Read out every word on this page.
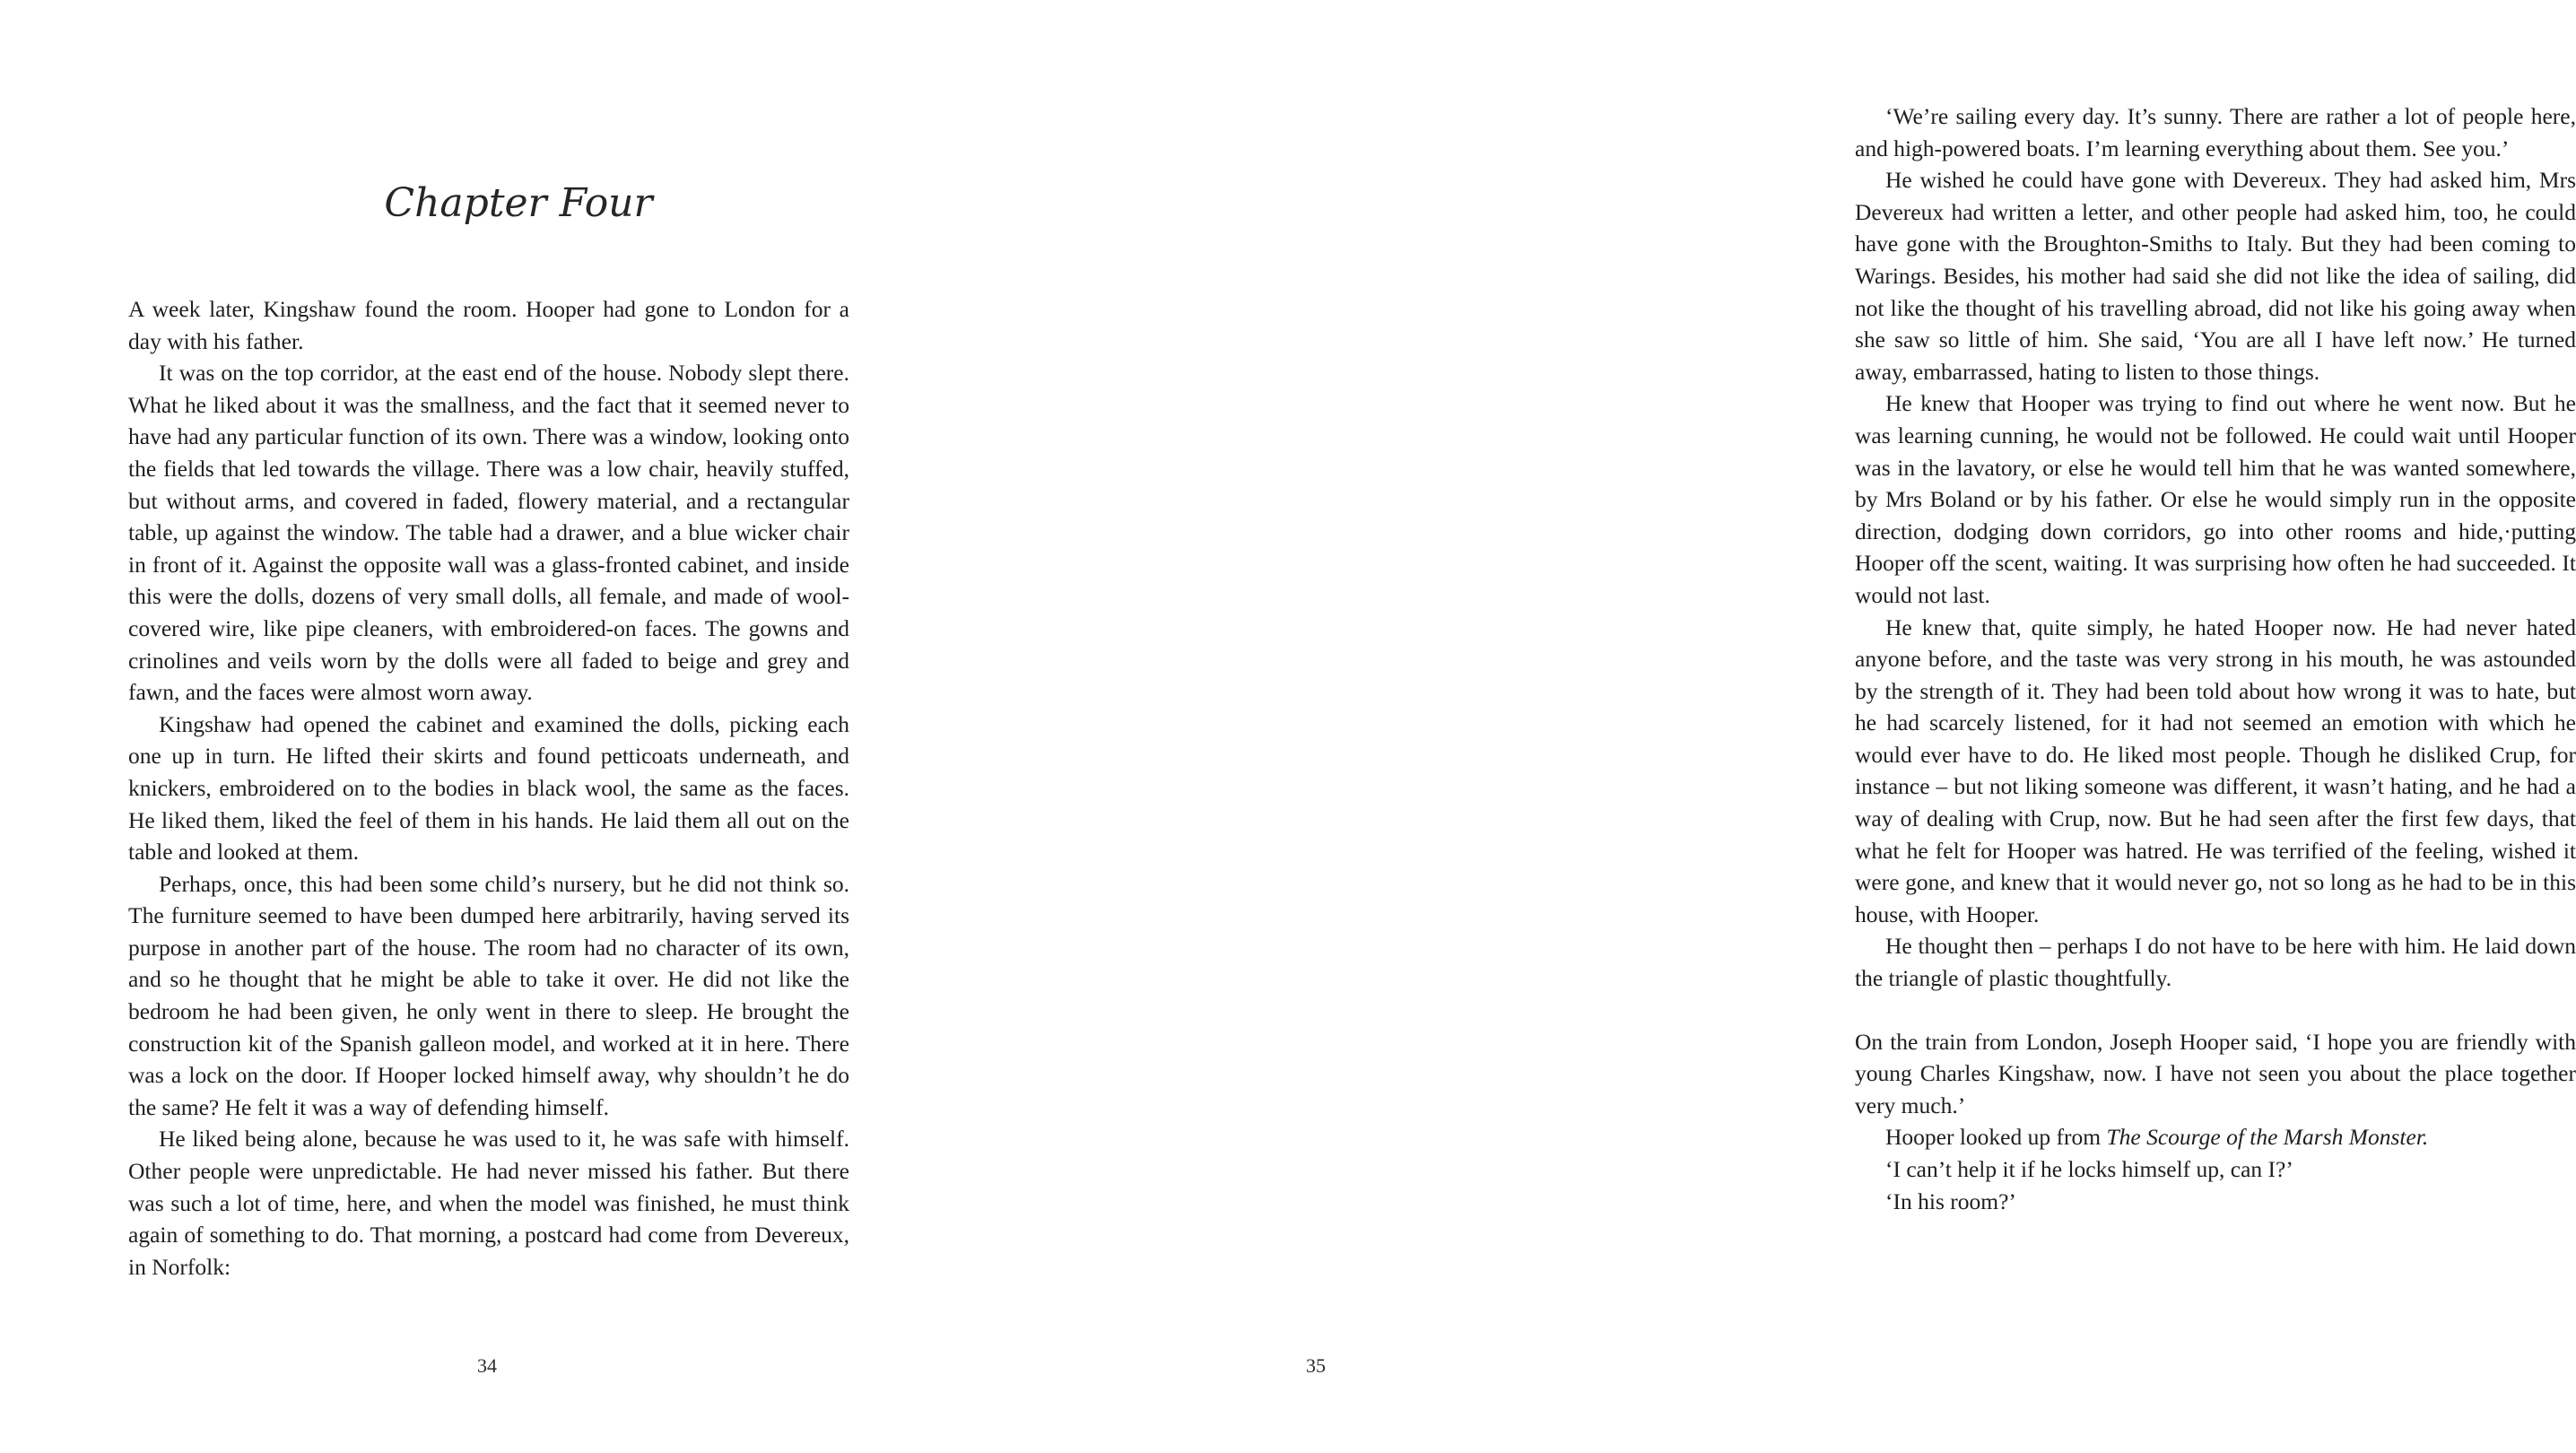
Chapter Four

A week later, Kingshaw found the room. Hooper had gone to London for a day with his father.

It was on the top corridor, at the east end of the house. Nobody slept there. What he liked about it was the smallness, and the fact that it seemed never to have had any particular function of its own. There was a window, looking onto the fields that led towards the village. There was a low chair, heavily stuffed, but without arms, and covered in faded, flowery material, and a rectangular table, up against the window. The table had a drawer, and a blue wicker chair in front of it. Against the opposite wall was a glass-fronted cabinet, and inside this were the dolls, dozens of very small dolls, all female, and made of wool-covered wire, like pipe cleaners, with embroidered-on faces. The gowns and crinolines and veils worn by the dolls were all faded to beige and grey and fawn, and the faces were almost worn away.

Kingshaw had opened the cabinet and examined the dolls, picking each one up in turn. He lifted their skirts and found petticoats underneath, and knickers, embroidered on to the bodies in black wool, the same as the faces. He liked them, liked the feel of them in his hands. He laid them all out on the table and looked at them.

Perhaps, once, this had been some child’s nursery, but he did not think so. The furniture seemed to have been dumped here arbitrarily, having served its purpose in another part of the house. The room had no character of its own, and so he thought that he might be able to take it over. He did not like the bedroom he had been given, he only went in there to sleep. He brought the construction kit of the Spanish galleon model, and worked at it in here. There was a lock on the door. If Hooper locked himself away, why shouldn’t he do the same? He felt it was a way of defending himself.

He liked being alone, because he was used to it, he was safe with himself. Other people were unpredictable. He had never missed his father. But there was such a lot of time, here, and when the model was finished, he must think again of something to do. That morning, a postcard had come from Devereux, in Norfolk:

34

‘We’re sailing every day. It’s sunny. There are rather a lot of people here, and high-powered boats. I’m learning everything about them. See you.’

He wished he could have gone with Devereux. They had asked him, Mrs Devereux had written a letter, and other people had asked him, too, he could have gone with the Broughton-Smiths to Italy. But they had been coming to Warings. Besides, his mother had said she did not like the idea of sailing, did not like the thought of his travelling abroad, did not like his going away when she saw so little of him. She said, ‘You are all I have left now.’ He turned away, embarrassed, hating to listen to those things.

He knew that Hooper was trying to find out where he went now. But he was learning cunning, he would not be followed. He could wait until Hooper was in the lavatory, or else he would tell him that he was wanted somewhere, by Mrs Boland or by his father. Or else he would simply run in the opposite direction, dodging down corridors, go into other rooms and hide,·putting Hooper off the scent, waiting. It was surprising how often he had succeeded. It would not last.

He knew that, quite simply, he hated Hooper now. He had never hated anyone before, and the taste was very strong in his mouth, he was astounded by the strength of it. They had been told about how wrong it was to hate, but he had scarcely listened, for it had not seemed an emotion with which he would ever have to do. He liked most people. Though he disliked Crup, for instance – but not liking someone was different, it wasn’t hating, and he had a way of dealing with Crup, now. But he had seen after the first few days, that what he felt for Hooper was hatred. He was terrified of the feeling, wished it were gone, and knew that it would never go, not so long as he had to be in this house, with Hooper.

He thought then – perhaps I do not have to be here with him. He laid down the triangle of plastic thoughtfully.

On the train from London, Joseph Hooper said, ‘I hope you are friendly with young Charles Kingshaw, now. I have not seen you about the place together very much.’

Hooper looked up from The Scourge of the Marsh Monster.

‘I can’t help it if he locks himself up, can I?’

‘In his room?’

35
